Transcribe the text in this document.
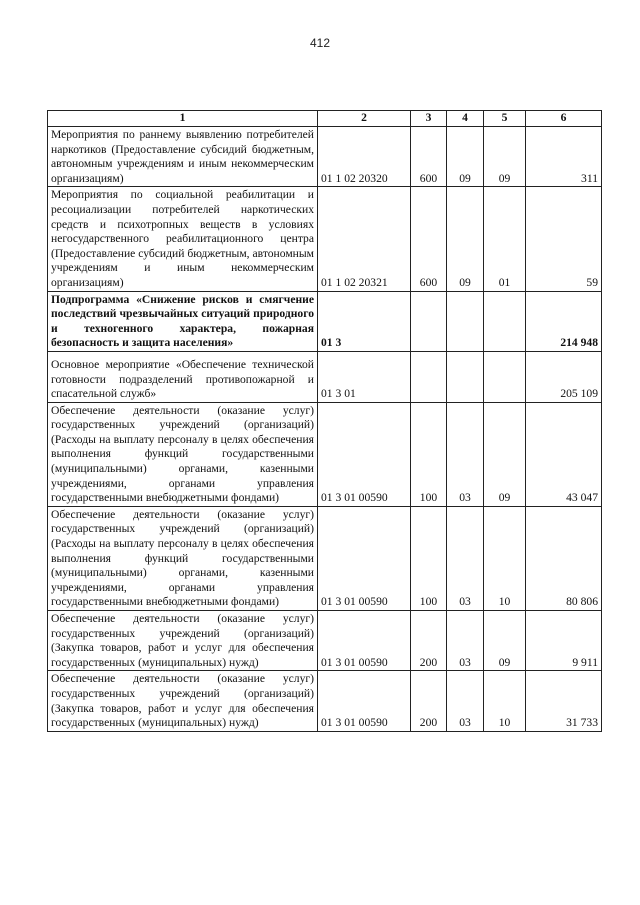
412
1	2	3	4	5	6
Мероприятия по раннему выявлению потребителей наркотиков (Предоставление субсидий бюджетным, автономным учреждениям и иным некоммерческим организациям)	01 1 02 20320	600	09	09	311
Мероприятия по социальной реабилитации и ресоциализации потребителей наркотических средств и психотропных веществ в условиях негосударственного реабилитационного центра (Предоставление субсидий бюджетным, автономным учреждениям и иным некоммерческим организациям)	01 1 02 20321	600	09	01	59
Подпрограмма «Снижение рисков и смягчение последствий чрезвычайных ситуаций природного и техногенного характера, пожарная безопасность и защита населения»	01 3				214 948
Основное мероприятие «Обеспечение технической готовности подразделений противопожарной и спасательной служб»	01 3 01				205 109
Обеспечение деятельности (оказание услуг) государственных учреждений (организаций) (Расходы на выплату персоналу в целях обеспечения выполнения функций государственными (муниципальными) органами, казенными учреждениями, органами управления государственными внебюджетными фондами)	01 3 01 00590	100	03	09	43 047
Обеспечение деятельности (оказание услуг) государственных учреждений (организаций) (Расходы на выплату персоналу в целях обеспечения выполнения функций государственными (муниципальными) органами, казенными учреждениями, органами управления государственными внебюджетными фондами)	01 3 01 00590	100	03	10	80 806
Обеспечение деятельности (оказание услуг) государственных учреждений (организаций) (Закупка товаров, работ и услуг для обеспечения государственных (муниципальных) нужд)	01 3 01 00590	200	03	09	9 911
Обеспечение деятельности (оказание услуг) государственных учреждений (организаций) (Закупка товаров, работ и услуг для обеспечения государственных (муниципальных) нужд)	01 3 01 00590	200	03	10	31 733
